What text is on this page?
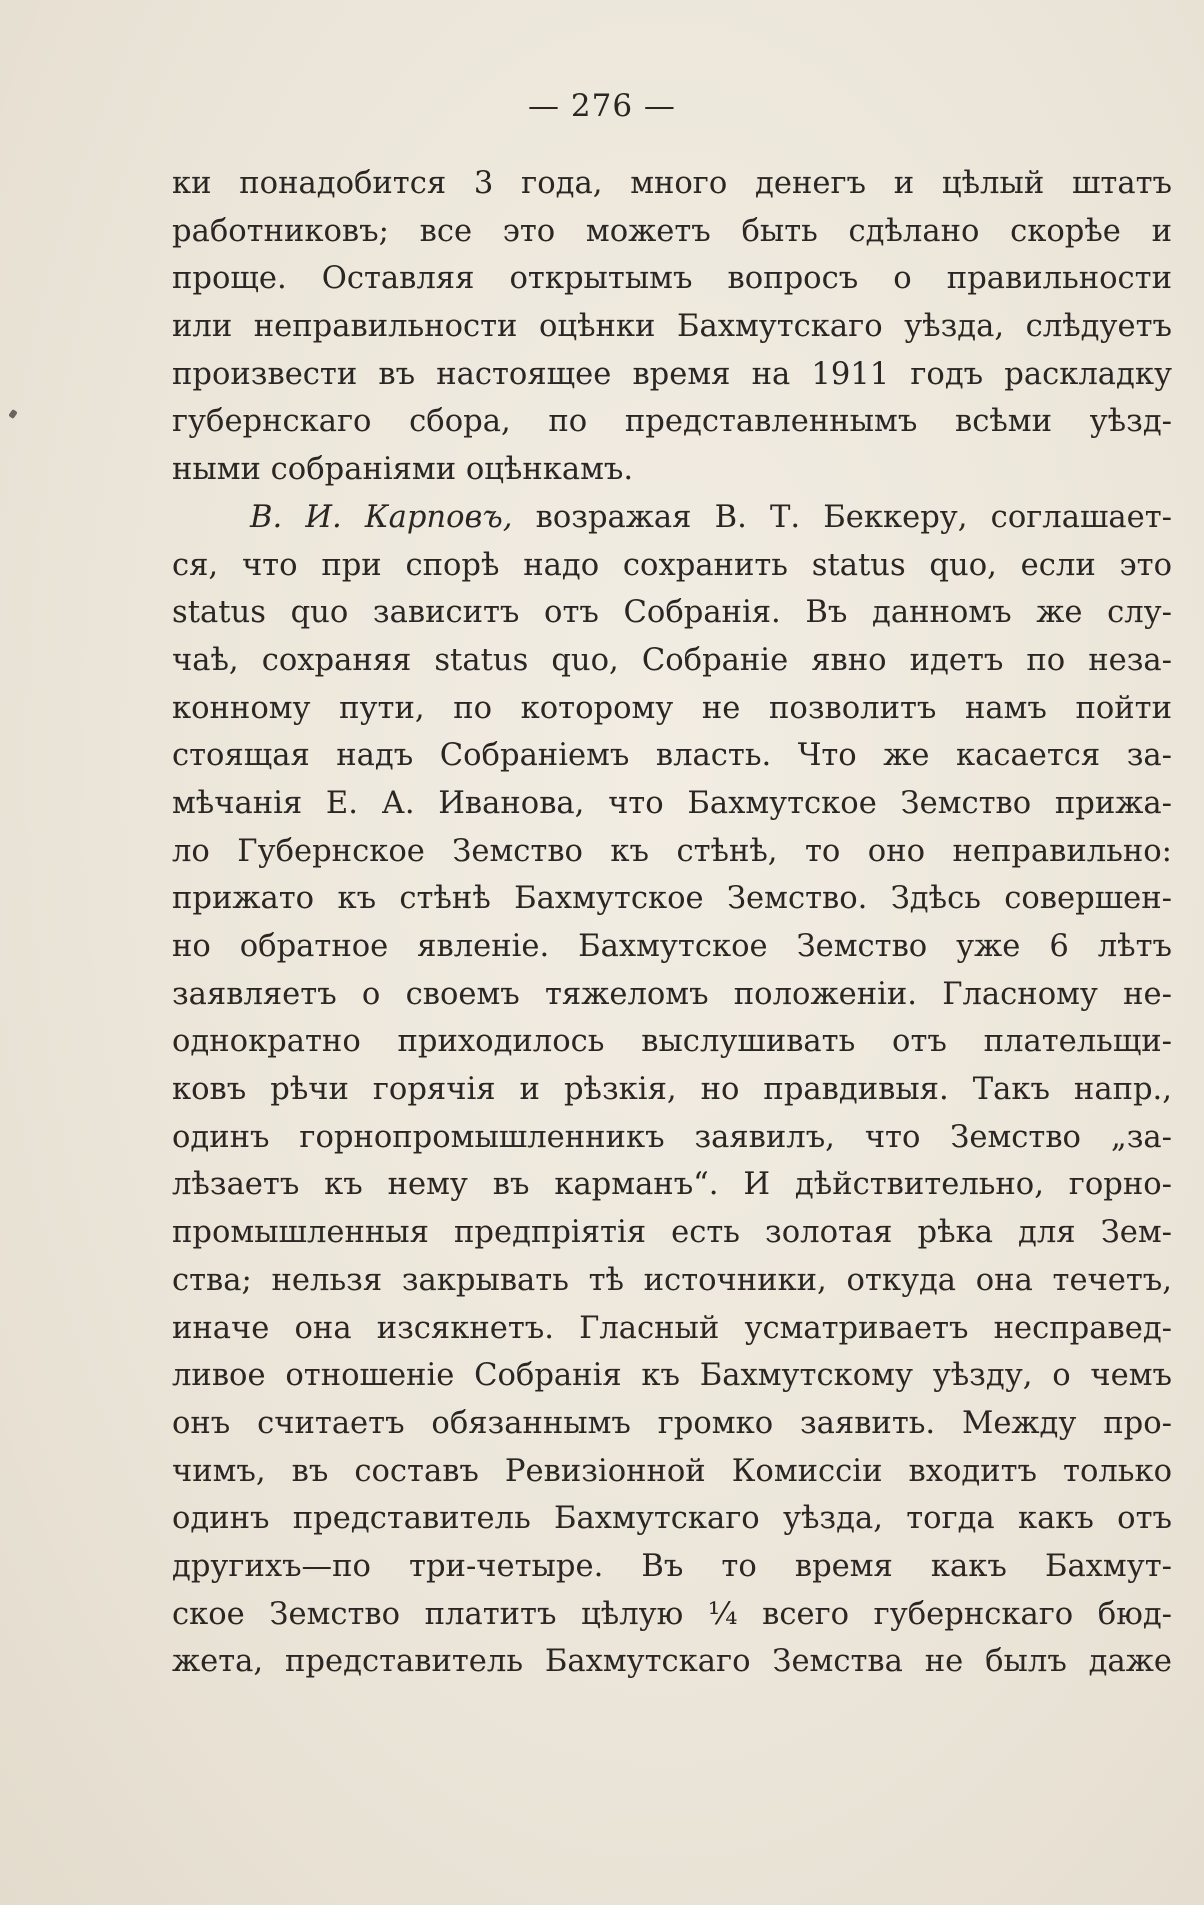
— 276 —
ки понадобится 3 года, много денегъ и цѣлый штатъ
работниковъ; все это можетъ быть сдѣлано скорѣе и
проще. Оставляя открытымъ вопросъ о правильности
или неправильности оцѣнки Бахмутскаго уѣзда, слѣдуетъ
произвести въ настоящее время на 1911 годъ раскладку
губернскаго сбора, по представленнымъ всѣми уѣзд-
ными собраніями оцѣнкамъ.
В. И. Карповъ, возражая В. Т. Беккеру, соглашает-
ся, что при спорѣ надо сохранить status quo, если это
status quo зависитъ отъ Собранія. Въ данномъ же слу-
чаѣ, сохраняя status quo, Собраніе явно идетъ по неза-
конному пути, по которому не позволитъ намъ пойти
стоящая надъ Собраніемъ власть. Что же касается за-
мѣчанія Е. А. Иванова, что Бахмутское Земство прижа-
ло Губернское Земство къ стѣнѣ, то оно неправильно:
прижато къ стѣнѣ Бахмутское Земство. Здѣсь совершен-
но обратное явленіе. Бахмутское Земство уже 6 лѣтъ
заявляетъ о своемъ тяжеломъ положеніи. Гласному не-
однократно приходилось выслушивать отъ плательщи-
ковъ рѣчи горячія и рѣзкія, но правдивыя. Такъ напр.,
одинъ горнопромышленникъ заявилъ, что Земство „за-
лѣзаетъ къ нему въ карманъ“. И дѣйствительно, горно-
промышленныя предпріятія есть золотая рѣка для Зем-
ства; нельзя закрывать тѣ источники, откуда она течетъ,
иначе она изсякнетъ. Гласный усматриваетъ несправед-
ливое отношеніе Собранія къ Бахмутскому уѣзду, о чемъ
онъ считаетъ обязаннымъ громко заявить. Между про-
чимъ, въ составъ Ревизіонной Комиссіи входитъ только
одинъ представитель Бахмутскаго уѣзда, тогда какъ отъ
другихъ—по три-четыре. Въ то время какъ Бахмут-
ское Земство платитъ цѣлую ¼ всего губернскаго бюд-
жета, представитель Бахмутскаго Земства не былъ даже
